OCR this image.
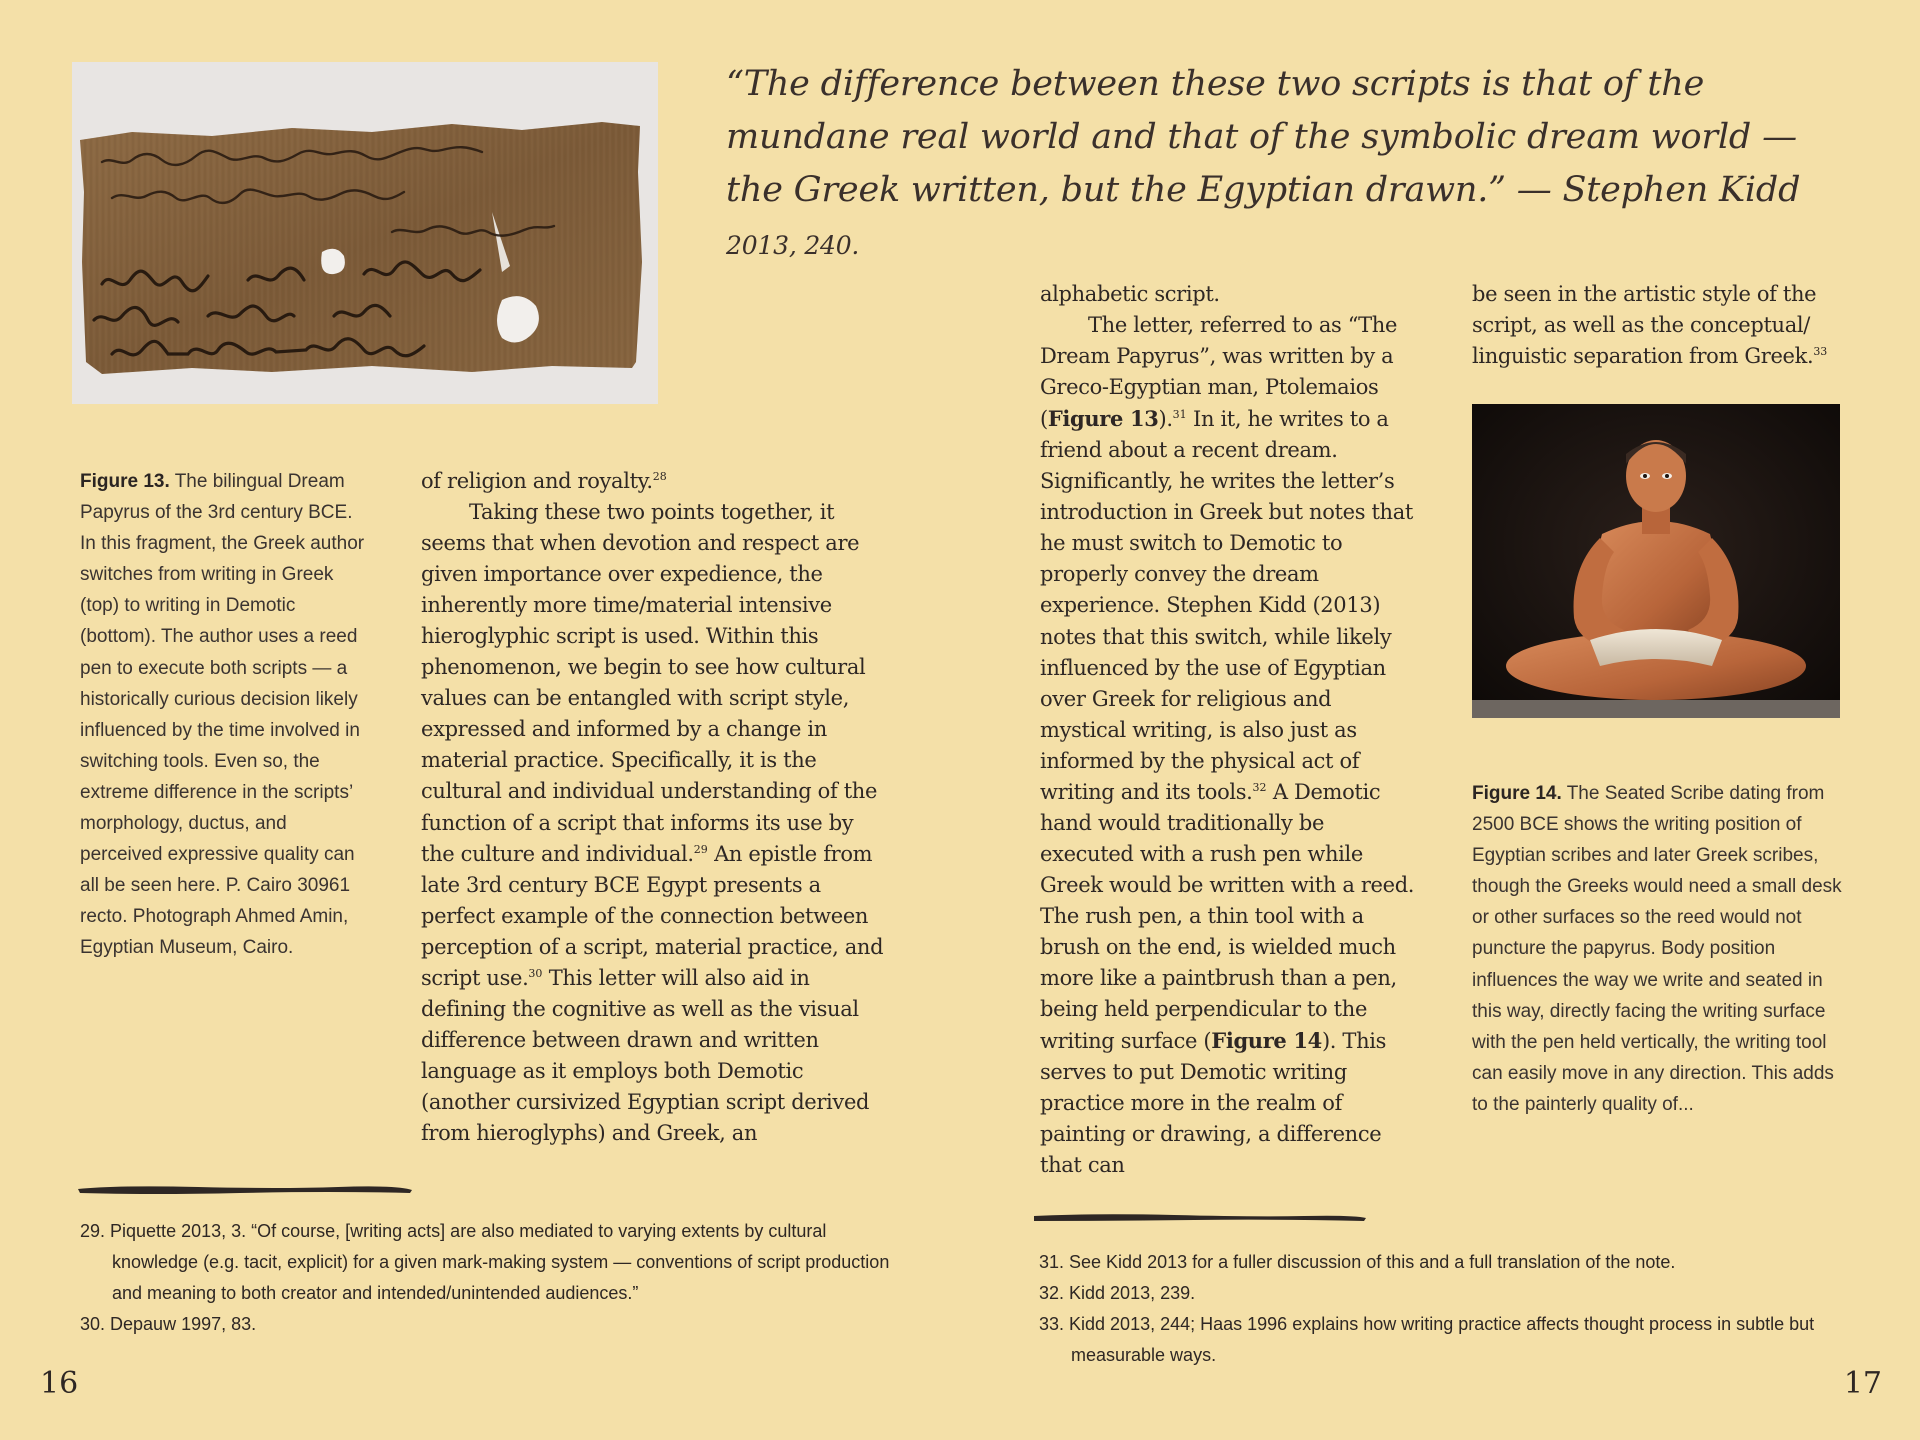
“The difference between these two scripts is that of the mundane real world and that of the symbolic dream world — the Greek written, but the Egyptian drawn.” — Stephen Kidd 2013, 240.
Figure 13. The bilingual Dream Papyrus of the 3rd century BCE. In this fragment, the Greek author switches from writing in Greek (top) to writing in Demotic (bottom). The author uses a reed pen to execute both scripts — a historically curious decision likely influenced by the time involved in switching tools. Even so, the extreme difference in the scripts’ morphology, ductus, and perceived expressive quality can all be seen here. P. Cairo 30961 recto. Photograph Ahmed Amin, Egyptian Museum, Cairo.

of religion and royalty.$^{28}$

Taking these two points together, it seems that when devotion and respect are given importance over expedience, the inherently more time/material intensive hieroglyphic script is used. Within this phenomenon, we begin to see how cultural values can be entangled with script style, expressed and informed by a change in material practice. Specifically, it is the cultural and individual understanding of the function of a script that informs its use by the culture and individual.$^{29}$ An epistle from late 3rd century BCE Egypt presents a perfect example of the connection between perception of a script, material practice, and script use.$^{30}$ This letter will also aid in defining the cognitive as well as the visual difference between drawn and written language as it employs both Demotic (another cursivized Egyptian script derived from hieroglyphs) and Greek, an

alphabetic script.

The letter, referred to as “The Dream Papyrus”, was written by a Greco-Egyptian man, Ptolemaios (Figure 13).$^{31}$ In it, he writes to a friend about a recent dream. Significantly, he writes the letter’s introduction in Greek but notes that he must switch to Demotic to properly convey the dream experience. Stephen Kidd (2013) notes that this switch, while likely influenced by the use of Egyptian over Greek for religious and mystical writing, is also just as informed by the physical act of writing and its tools.$^{32}$ A Demotic hand would traditionally be executed with a rush pen while Greek would be written with a reed. The rush pen, a thin tool with a brush on the end, is wielded much more like a paintbrush than a pen, being held perpendicular to the writing surface (Figure 14). This serves to put Demotic writing practice more in the realm of painting or drawing, a difference that can

be seen in the artistic style of the script, as well as the conceptual/ linguistic separation from Greek.$^{33}$

Figure 14. The Seated Scribe dating from 2500 BCE shows the writing position of Egyptian scribes and later Greek scribes, though the Greeks would need a small desk or other surfaces so the reed would not puncture the papyrus. Body position influences the way we write and seated in this way, directly facing the writing surface with the pen held vertically, the writing tool can easily move in any direction. This adds to the painterly quality of...
29. Piquette 2013, 3. “Of course, [writing acts] are also mediated to varying extents by cultural knowledge (e.g. tacit, explicit) for a given mark-making system — conventions of script production and meaning to both creator and intended/unintended audiences.”
30. Depauw 1997, 83.
31. See Kidd 2013 for a fuller discussion of this and a full translation of the note.
32. Kidd 2013, 239.
33. Kidd 2013, 244; Haas 1996 explains how writing practice affects thought process in subtle but measurable ways.
16	17
